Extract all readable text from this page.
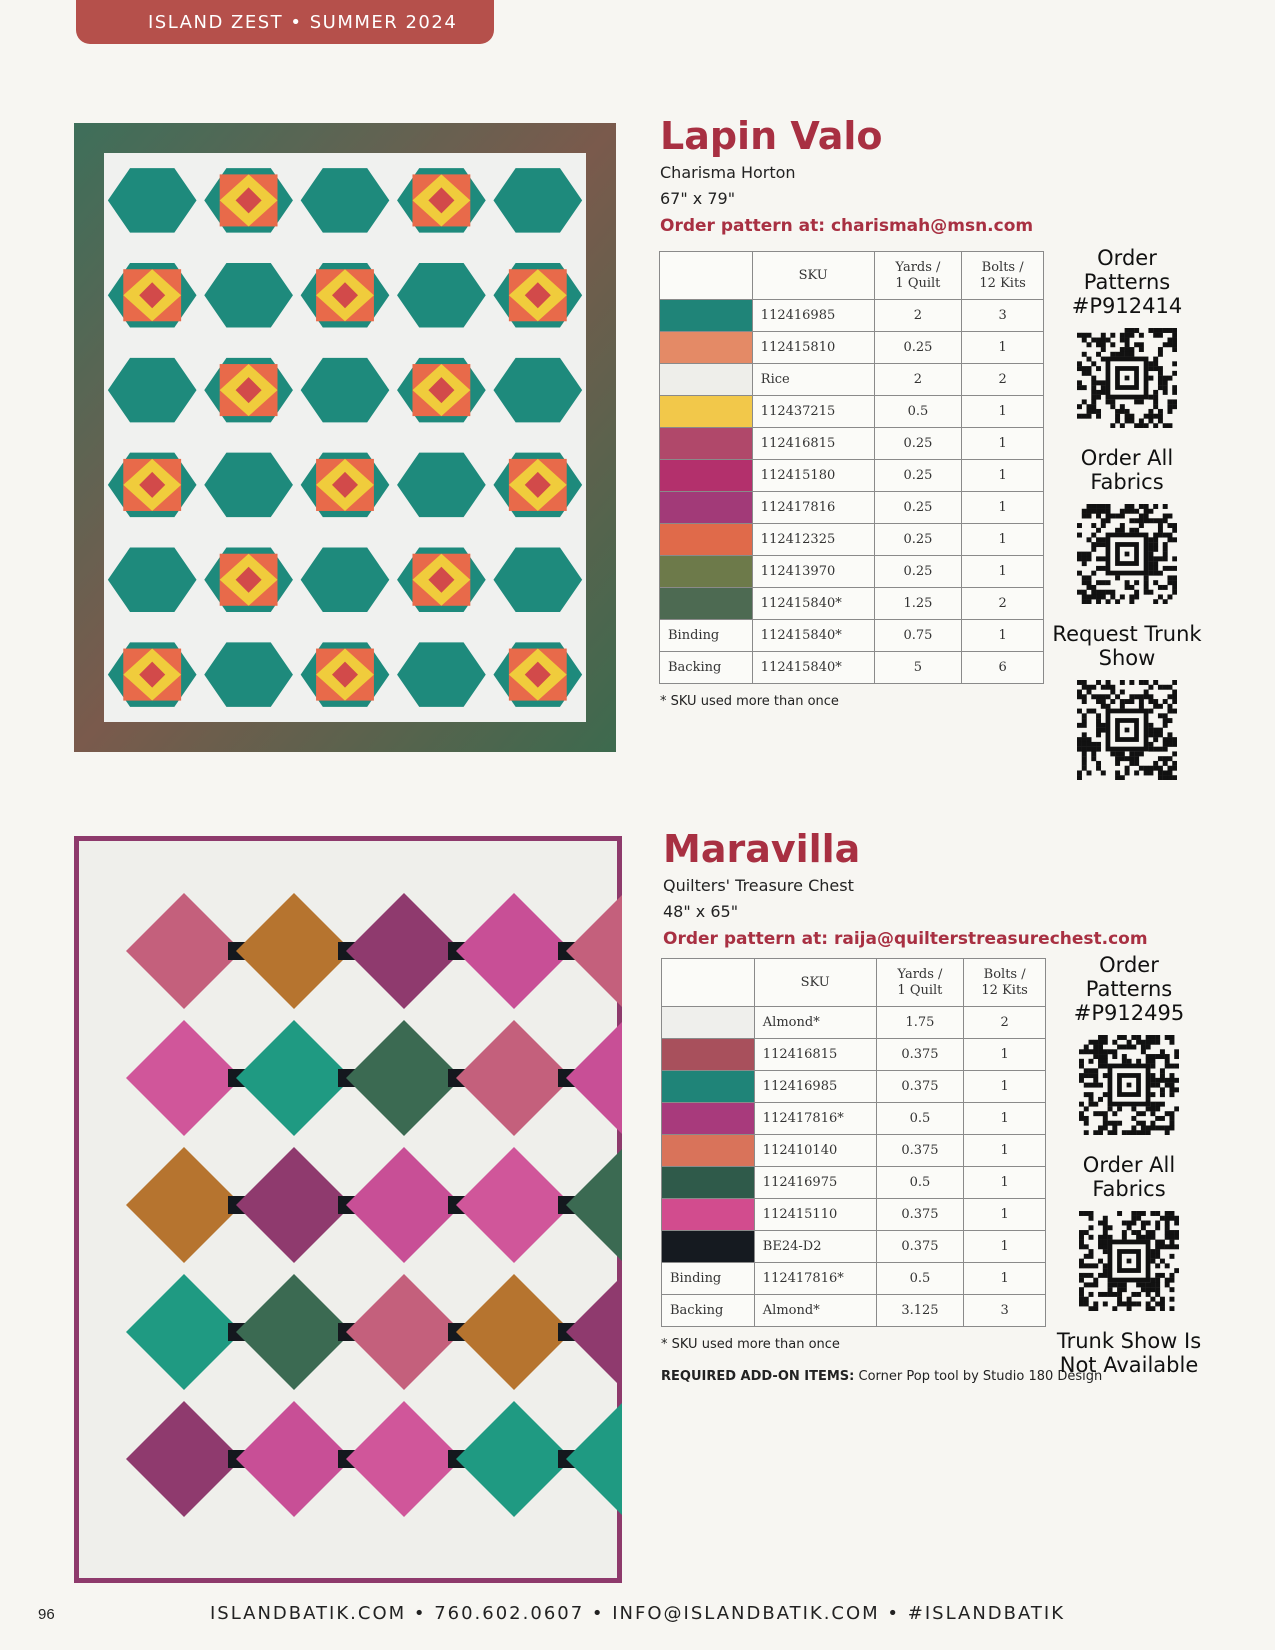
ISLAND ZEST • SUMMER 2024
Lapin Valo
Charisma Horton
67" x 79"
Order pattern at: charismah@msn.com
	SKU	Yards /
1 Quilt	Bolts /
12 Kits

	112416985	2	3

	112415810	0.25	1

	Rice	2	2

	112437215	0.5	1

	112416815	0.25	1

	112415180	0.25	1

	112417816	0.25	1

	112412325	0.25	1

	112413970	0.25	1

	112415840*	1.25	2
Binding	112415840*	0.75	1
Backing	112415840*	5	6
* SKU used more than once
Order Patterns
#P912414
Order All
Fabrics
Request Trunk
Show
Maravilla
Quilters' Treasure Chest
48" x 65"
Order pattern at: raija@quilterstreasurechest.com
	SKU	Yards /
1 Quilt	Bolts /
12 Kits

	Almond*	1.75	2

	112416815	0.375	1

	112416985	0.375	1

	112417816*	0.5	1

	112410140	0.375	1

	112416975	0.5	1

	112415110	0.375	1

	BE24-D2	0.375	1
Binding	112417816*	0.5	1
Backing	Almond*	3.125	3
* SKU used more than once
REQUIRED ADD-ON ITEMS: Corner Pop tool by Studio 180 Design
Order Patterns
#P912495
Order All
Fabrics
Trunk Show Is
Not Available
96	ISLANDBATIK.COM • 760.602.0607 • INFO@ISLANDBATIK.COM • #ISLANDBATIK
